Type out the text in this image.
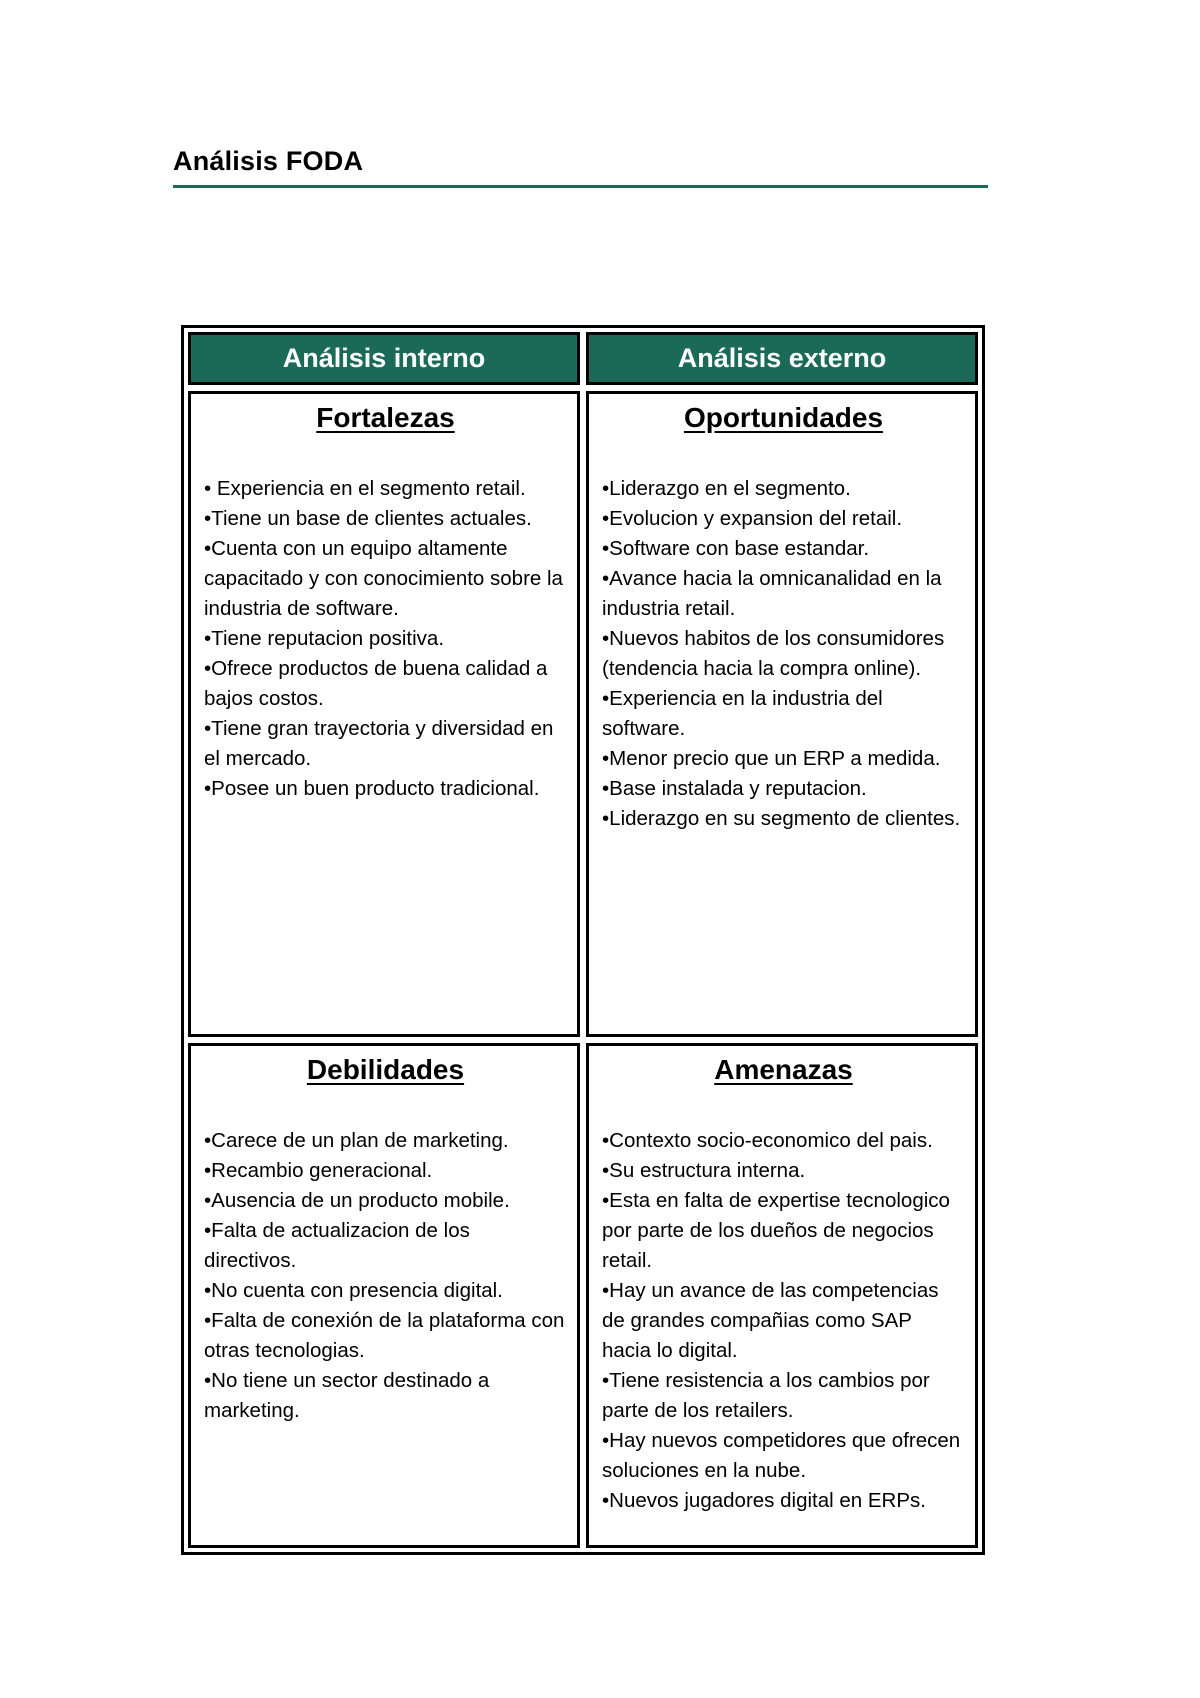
Análisis FODA
Análisis interno	Análisis externo
Fortalezas
• Experiencia en el segmento retail.
•Tiene un base de clientes actuales.
•Cuenta con un equipo altamente capacitado y con conocimiento sobre la industria de software.
•Tiene reputacion positiva.
•Ofrece productos de buena calidad a bajos costos.
•Tiene gran trayectoria y diversidad en el mercado.
•Posee un buen producto tradicional.
Oportunidades
•Liderazgo en el segmento.
•Evolucion y expansion del retail.
•Software con base estandar.
•Avance hacia la omnicanalidad en la industria retail.
•Nuevos habitos de los consumidores (tendencia hacia la compra online).
•Experiencia en la industria del software.
•Menor precio que un ERP a medida.
•Base instalada y reputacion.
•Liderazgo en su segmento de clientes.
Debilidades
•Carece de un plan de marketing.
•Recambio generacional.
•Ausencia de un producto mobile.
•Falta de actualizacion de los directivos.
•No cuenta con presencia digital.
•Falta de conexión de la plataforma con otras tecnologias.
•No tiene un sector destinado a marketing.
Amenazas
•Contexto socio-economico del pais.
•Su estructura interna.
•Esta en falta de expertise tecnologico por parte de los dueños de negocios retail.
•Hay un avance de las competencias de grandes compañias como SAP hacia lo digital.
•Tiene resistencia a los cambios por parte de los retailers.
•Hay nuevos competidores que ofrecen soluciones en la nube.
•Nuevos jugadores digital en ERPs.
